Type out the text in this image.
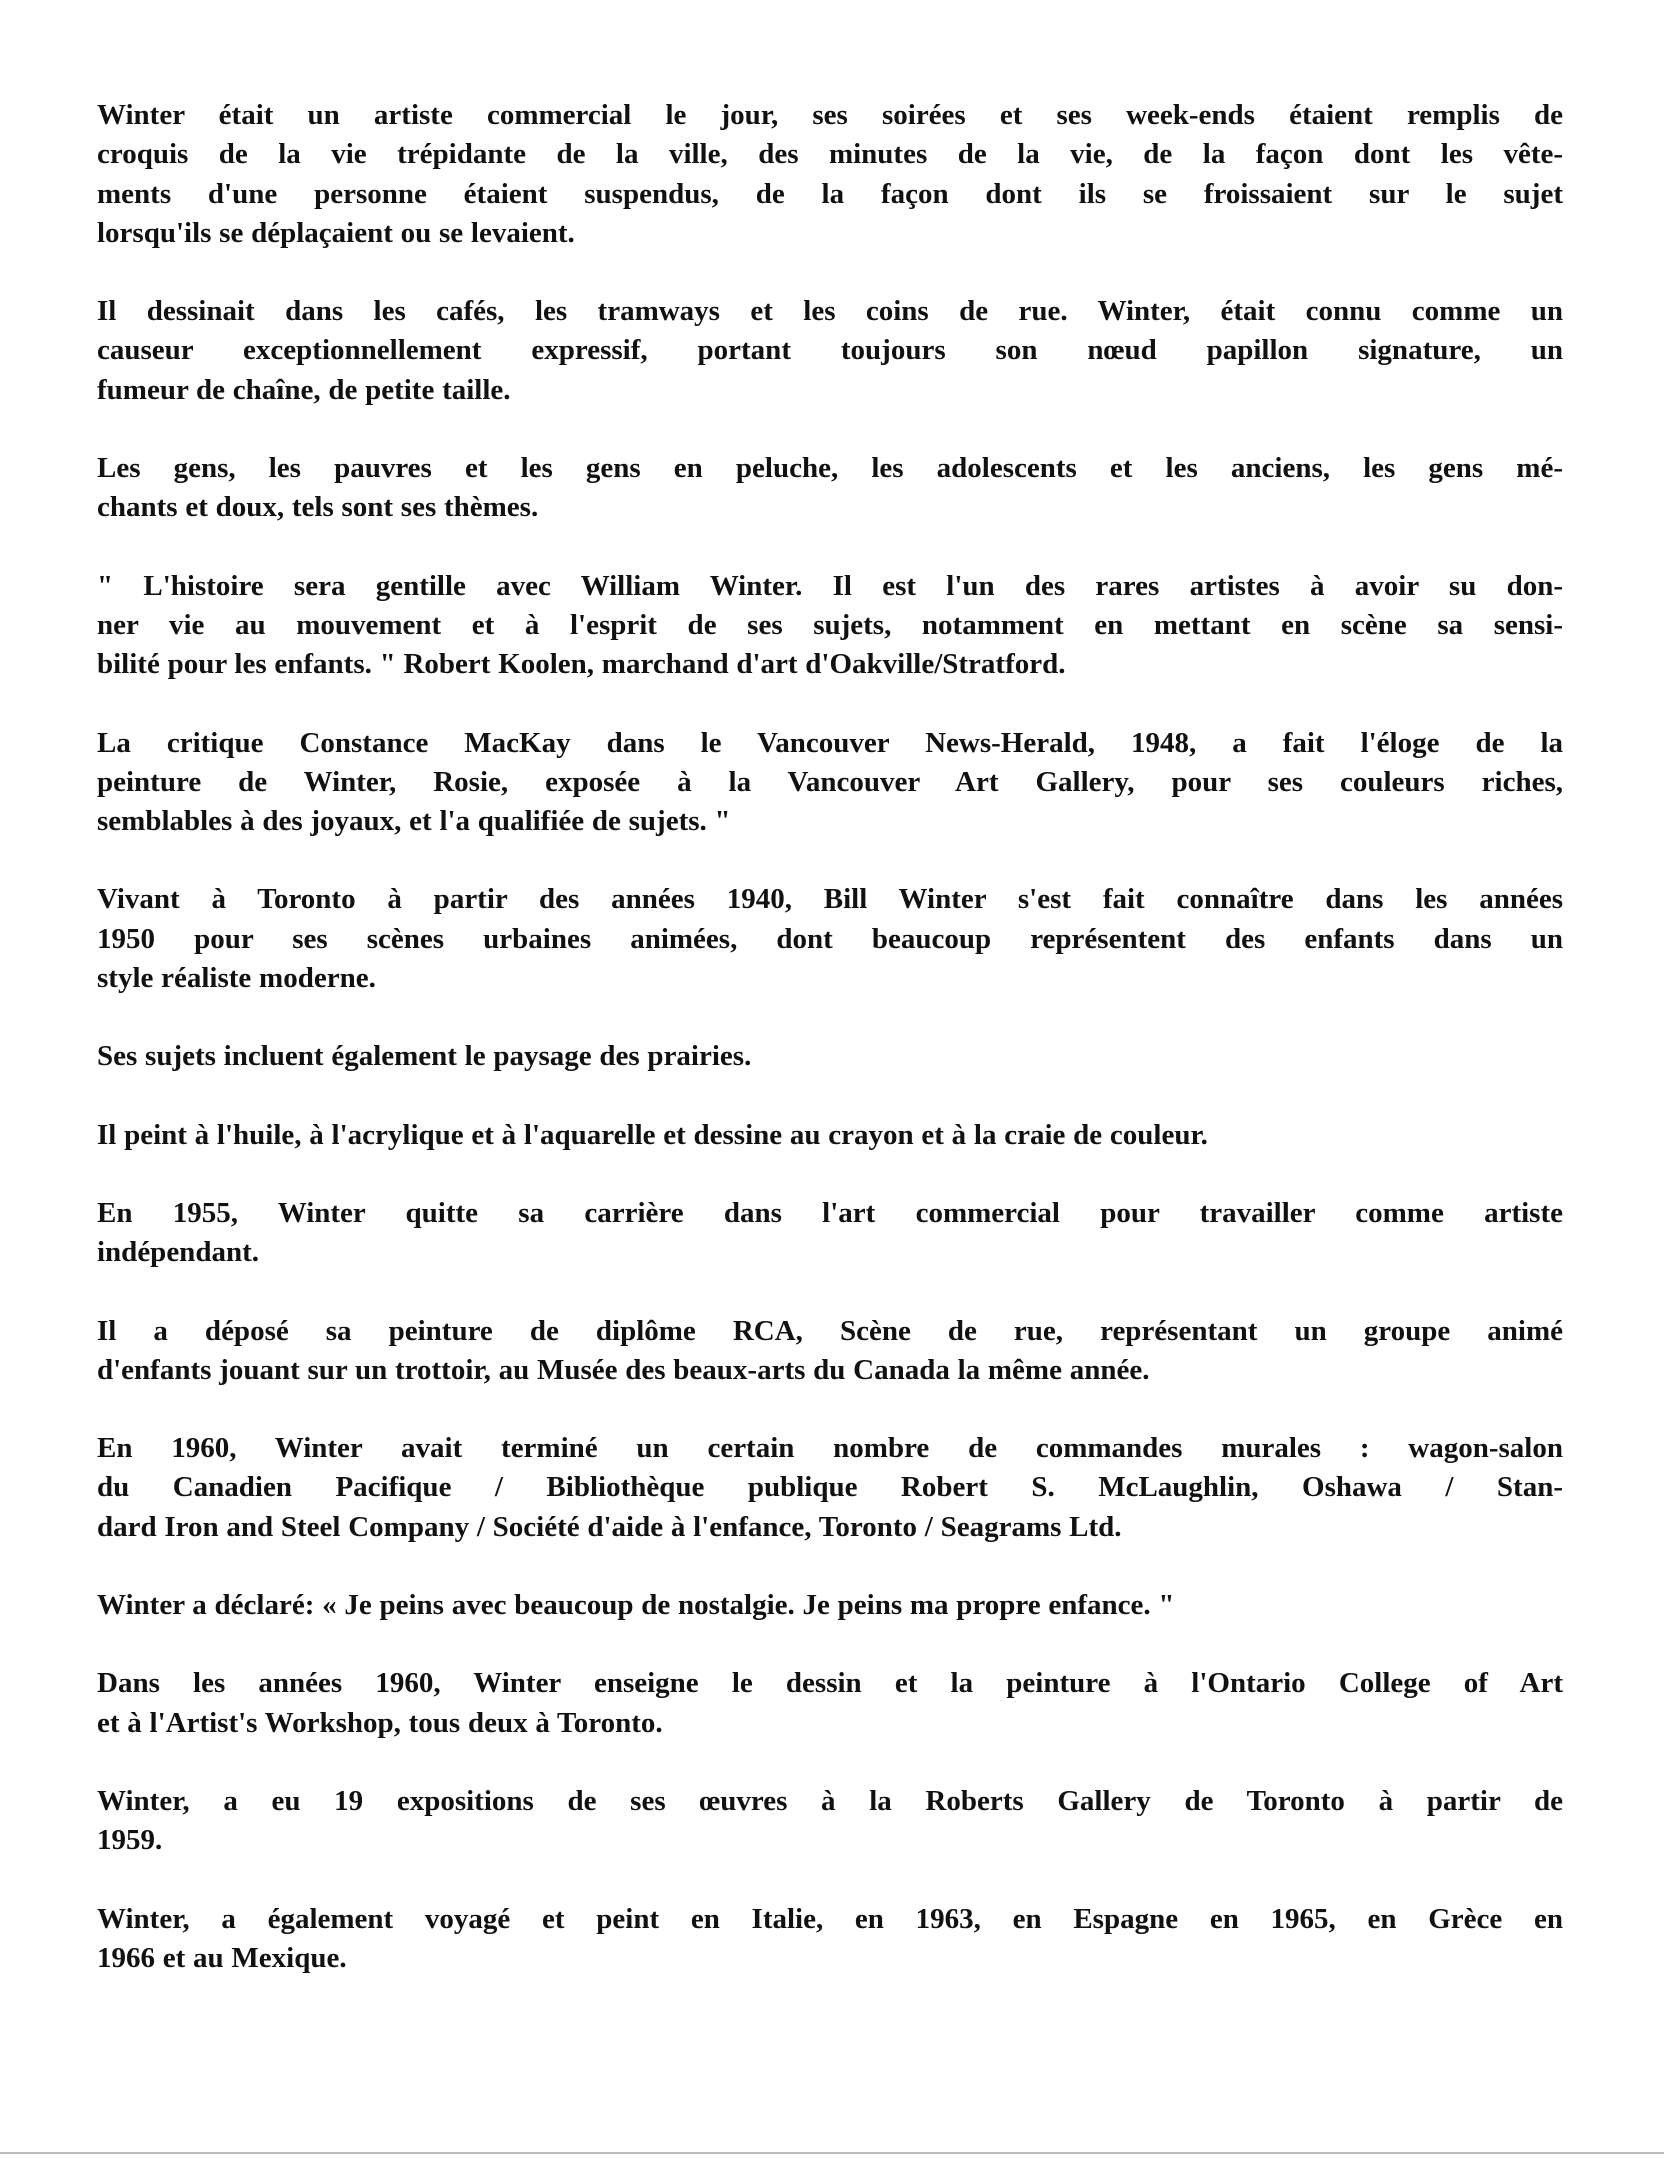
Winter était un artiste commercial le jour, ses soirées et ses week-ends étaient remplis de
croquis de la vie trépidante de la ville, des minutes de la vie, de la façon dont les vête-
ments d'une personne étaient suspendus, de la façon dont ils se froissaient sur le sujet
lorsqu'ils se déplaçaient ou se levaient.

Il dessinait dans les cafés, les tramways et les coins de rue. Winter, était connu comme un
causeur exceptionnellement expressif, portant toujours son nœud papillon signature, un
fumeur de chaîne, de petite taille.

Les gens, les pauvres et les gens en peluche, les adolescents et les anciens, les gens mé-
chants et doux, tels sont ses thèmes.

" L'histoire sera gentille avec William Winter. Il est l'un des rares artistes à avoir su don-
ner vie au mouvement et à l'esprit de ses sujets, notamment en mettant en scène sa sensi-
bilité pour les enfants. " Robert Koolen, marchand d'art d'Oakville/Stratford.

La critique Constance MacKay dans le Vancouver News-Herald, 1948, a fait l'éloge de la
peinture de Winter, Rosie, exposée à la Vancouver Art Gallery, pour ses couleurs riches,
semblables à des joyaux, et l'a qualifiée de sujets. "

Vivant à Toronto à partir des années 1940, Bill Winter s'est fait connaître dans les années
1950 pour ses scènes urbaines animées, dont beaucoup représentent des enfants dans un
style réaliste moderne.

Ses sujets incluent également le paysage des prairies.

Il peint à l'huile, à l'acrylique et à l'aquarelle et dessine au crayon et à la craie de couleur.

En 1955, Winter quitte sa carrière dans l'art commercial pour travailler comme artiste
indépendant.

Il a déposé sa peinture de diplôme RCA, Scène de rue, représentant un groupe animé
d'enfants jouant sur un trottoir, au Musée des beaux-arts du Canada la même année.

En 1960, Winter avait terminé un certain nombre de commandes murales : wagon-salon
du Canadien Pacifique / Bibliothèque publique Robert S. McLaughlin, Oshawa / Stan-
dard Iron and Steel Company / Société d'aide à l'enfance, Toronto / Seagrams Ltd.

Winter a déclaré: « Je peins avec beaucoup de nostalgie. Je peins ma propre enfance. "

Dans les années 1960, Winter enseigne le dessin et la peinture à l'Ontario College of Art
et à l'Artist's Workshop, tous deux à Toronto.

Winter, a eu 19 expositions de ses œuvres à la Roberts Gallery de Toronto à partir de
1959.

Winter, a également voyagé et peint en Italie, en 1963, en Espagne en 1965, en Grèce en
1966 et au Mexique.
